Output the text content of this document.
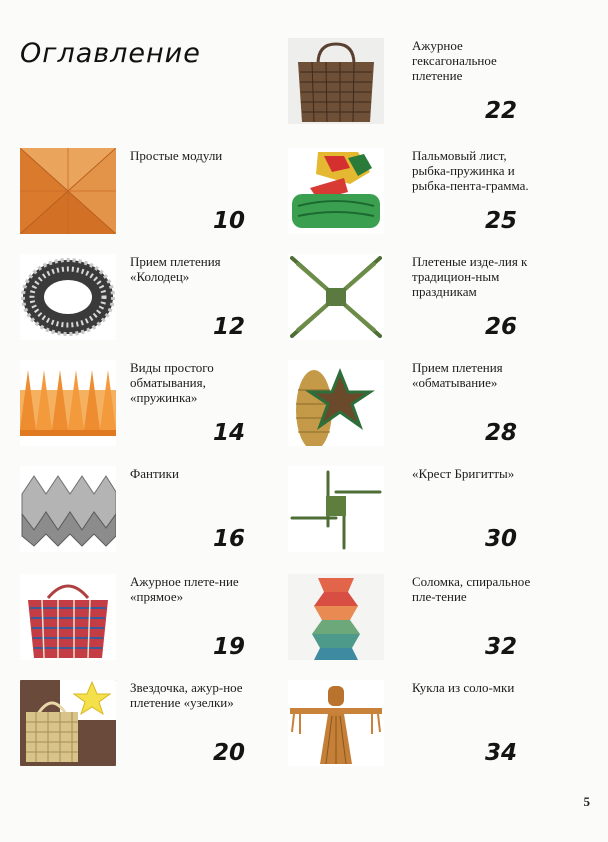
Оглавление
Простые модули
10
Прием плетения «Колодец»
12
Виды простого обматывания, «пружинка»
14
Фантики
16
Ажурное плете-ние «прямое»
19
Звездочка, ажур-ное плетение «узелки»
20
Ажурное гексагональное плетение
22
Пальмовый лист, рыбка-пружинка и рыбка-пента-грамма.
25
Плетеные изде-лия к традицион-ным праздникам
26
Прием плетения «обматывание»
28
«Крест Бригитты»
30
Соломка, спиральное пле-тение
32
Кукла из соло-мки
34
5
